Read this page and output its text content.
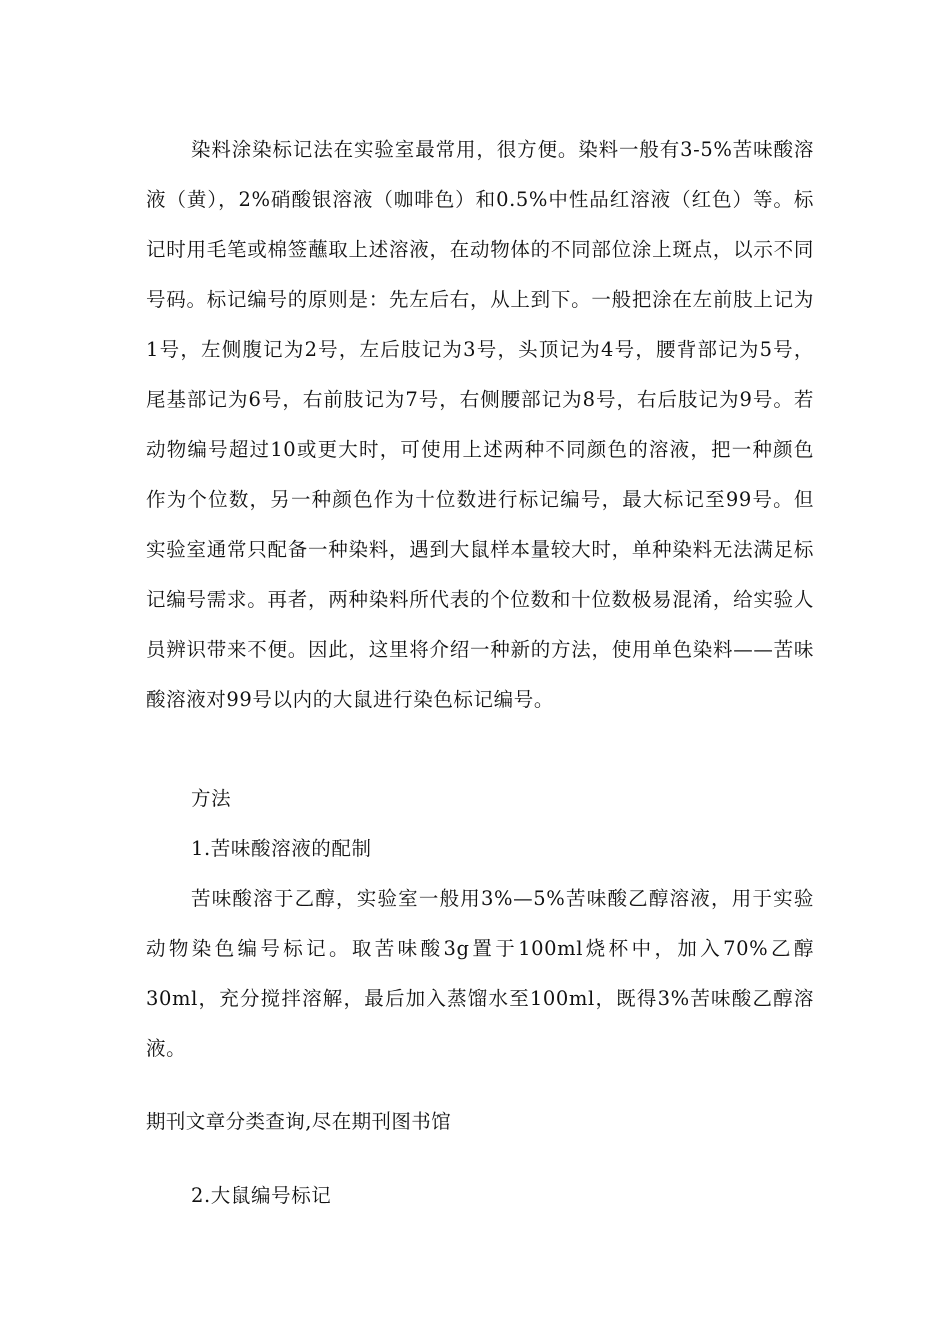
染料涂染标记法在实验室最常用，很方便。染料一般有3-5%苦味酸溶液（黄），2%硝酸银溶液（咖啡色）和0.5%中性品红溶液（红色）等。标记时用毛笔或棉签蘸取上述溶液，在动物体的不同部位涂上斑点，以示不同号码。标记编号的原则是：先左后右，从上到下。一般把涂在左前肢上记为1号，左侧腹记为2号，左后肢记为3号，头顶记为4号，腰背部记为5号，尾基部记为6号，右前肢记为7号，右侧腰部记为8号，右后肢记为9号。若动物编号超过10或更大时，可使用上述两种不同颜色的溶液，把一种颜色作为个位数，另一种颜色作为十位数进行标记编号，最大标记至99号。但实验室通常只配备一种染料，遇到大鼠样本量较大时，单种染料无法满足标记编号需求。再者，两种染料所代表的个位数和十位数极易混淆，给实验人员辨识带来不便。因此，这里将介绍一种新的方法，使用单色染料——苦味酸溶液对99号以内的大鼠进行染色标记编号。

方法

1.苦味酸溶液的配制

苦味酸溶于乙醇，实验室一般用3%—5%苦味酸乙醇溶液，用于实验动物染色编号标记。取苦味酸3g置于100ml烧杯中，加入70%乙醇30ml，充分搅拌溶解，最后加入蒸馏水至100ml，既得3%苦味酸乙醇溶液。

期刊文章分类查询,尽在期刊图书馆

2.大鼠编号标记
